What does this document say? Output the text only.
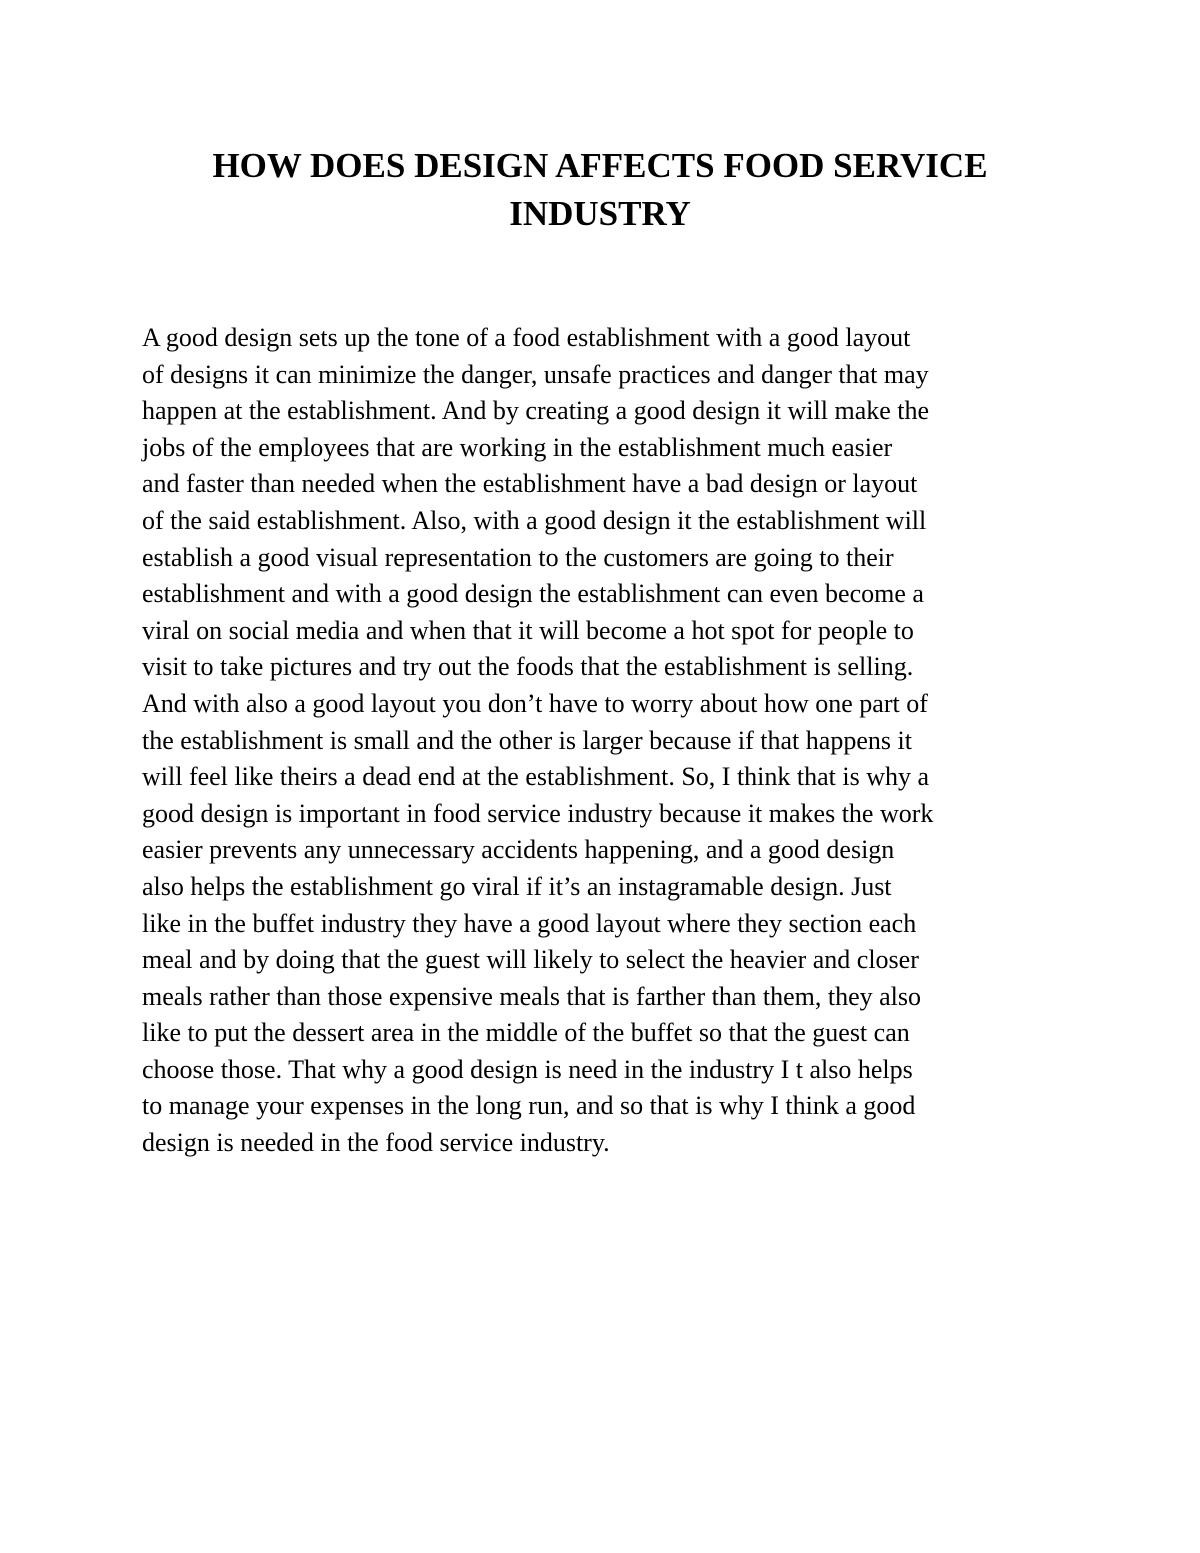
HOW DOES DESIGN AFFECTS FOOD SERVICE
INDUSTRY
A good design sets up the tone of a food establishment with a good layout
of designs it can minimize the danger, unsafe practices and danger that may
happen at the establishment. And by creating a good design it will make the
jobs of the employees that are working in the establishment much easier
and faster than needed when the establishment have a bad design or layout
of the said establishment. Also, with a good design it the establishment will
establish a good visual representation to the customers are going to their
establishment and with a good design the establishment can even become a
viral on social media and when that it will become a hot spot for people to
visit to take pictures and try out the foods that the establishment is selling.
And with also a good layout you don’t have to worry about how one part of
the establishment is small and the other is larger because if that happens it
will feel like theirs a dead end at the establishment. So, I think that is why a
good design is important in food service industry because it makes the work
easier prevents any unnecessary accidents happening, and a good design
also helps the establishment go viral if it’s an instagramable design. Just
like in the buffet industry they have a good layout where they section each
meal and by doing that the guest will likely to select the heavier and closer
meals rather than those expensive meals that is farther than them, they also
like to put the dessert area in the middle of the buffet so that the guest can
choose those. That why a good design is need in the industry I t also helps
to manage your expenses in the long run, and so that is why I think a good
design is needed in the food service industry.
